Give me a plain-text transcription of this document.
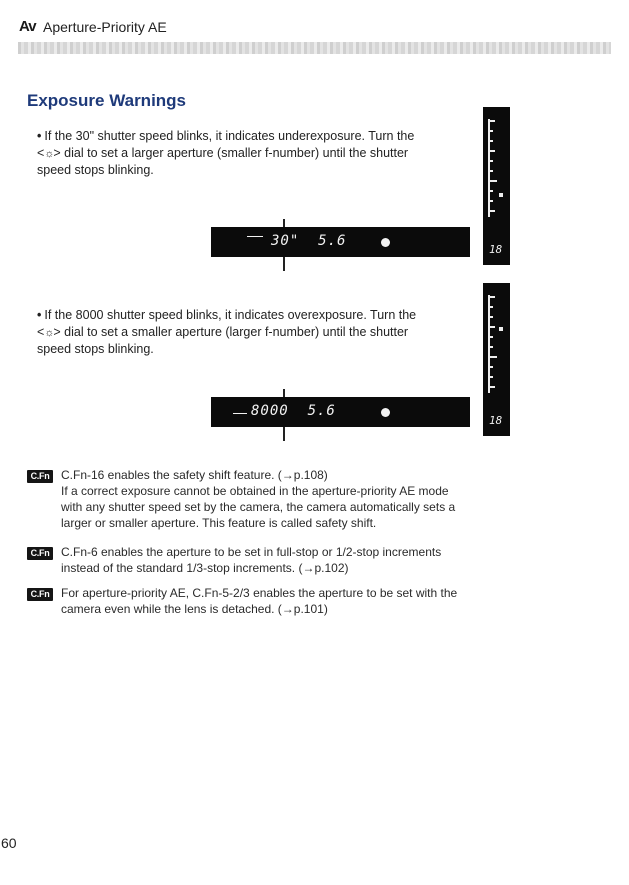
Av Aperture-Priority AE
Exposure Warnings
• If the 30" shutter speed blinks, it indicates underexposure. Turn the <☼> dial to set a larger aperture (smaller f-number) until the shutter speed stops blinking.
30"  5.6
18
• If the 8000 shutter speed blinks, it indicates overexposure. Turn the <☼> dial to set a smaller aperture (larger f-number) until the shutter speed stops blinking.
8000  5.6
18
C.Fn C.Fn-16 enables the safety shift feature. (→p.108)
If a correct exposure cannot be obtained in the aperture-priority AE mode
with any shutter speed set by the camera, the camera automatically sets a
larger or smaller aperture. This feature is called safety shift.
C.Fn C.Fn-6 enables the aperture to be set in full-stop or 1/2-stop increments
instead of the standard 1/3-stop increments. (→p.102)
C.Fn For aperture-priority AE, C.Fn-5-2/3 enables the aperture to be set with the
camera even while the lens is detached. (→p.101)
60
